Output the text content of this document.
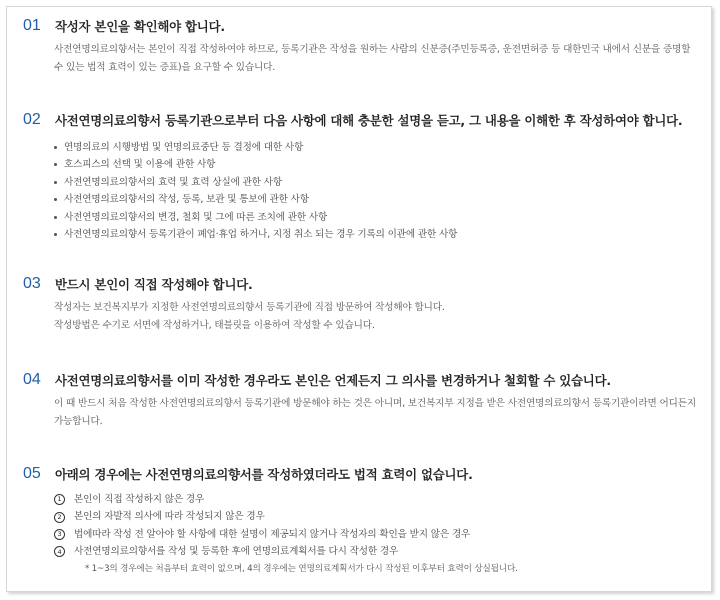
01	작성자 본인을 확인해야 합니다.

사전연명의료의향서는 본인이 직접 작성하여야 하므로, 등록기관은 작성을 원하는 사람의 신분증(주민등록증, 운전면허증 등 대한민국 내에서 신분을 증명할 수 있는 법적 효력이 있는 증표)을 요구할 수 있습니다.

02	사전연명의료의향서 등록기관으로부터 다음 사항에 대해 충분한 설명을 듣고, 그 내용을 이해한 후 작성하여야 합니다.
연명의료의 시행방법 및 연명의료중단 등 결정에 대한 사항
호스피스의 선택 및 이용에 관한 사항
사전연명의료의향서의 효력 및 효력 상실에 관한 사항
사전연명의료의향서의 작성, 등록, 보관 및 통보에 관한 사항
사전연명의료의향서의 변경, 철회 및 그에 따른 조치에 관한 사항
사전연명의료의향서 등록기관이 폐업·휴업 하거나, 지정 취소 되는 경우 기록의 이관에 관한 사항
03	반드시 본인이 직접 작성해야 합니다.

작성자는 보건복지부가 지정한 사전연명의료의향서 등록기관에 직접 방문하여 작성해야 합니다.

작성방법은 수기로 서면에 작성하거나, 태블릿을 이용하여 작성할 수 있습니다.

04	사전연명의료의향서를 이미 작성한 경우라도 본인은 언제든지 그 의사를 변경하거나 철회할 수 있습니다.

이 때 반드시 처음 작성한 사전연명의료의향서 등록기관에 방문해야 하는 것은 아니며, 보건복지부 지정을 받은 사전연명의료의향서 등록기관이라면 어디든지 가능합니다.

05	아래의 경우에는 사전연명의료의향서를 작성하였더라도 법적 효력이 없습니다.
1	본인이 직접 작성하지 않은 경우
2	본인의 자발적 의사에 따라 작성되지 않은 경우
3	법에따라 작성 전 알아야 할 사항에 대한 설명이 제공되지 않거나 작성자의 확인을 받지 않은 경우
4	사전연명의료의향서를 작성 및 등록한 후에 연명의료계획서를 다시 작성한 경우
* 1~3의 경우에는 처음부터 효력이 없으며, 4의 경우에는 연명의료계획서가 다시 작성된 이후부터 효력이 상실됩니다.
